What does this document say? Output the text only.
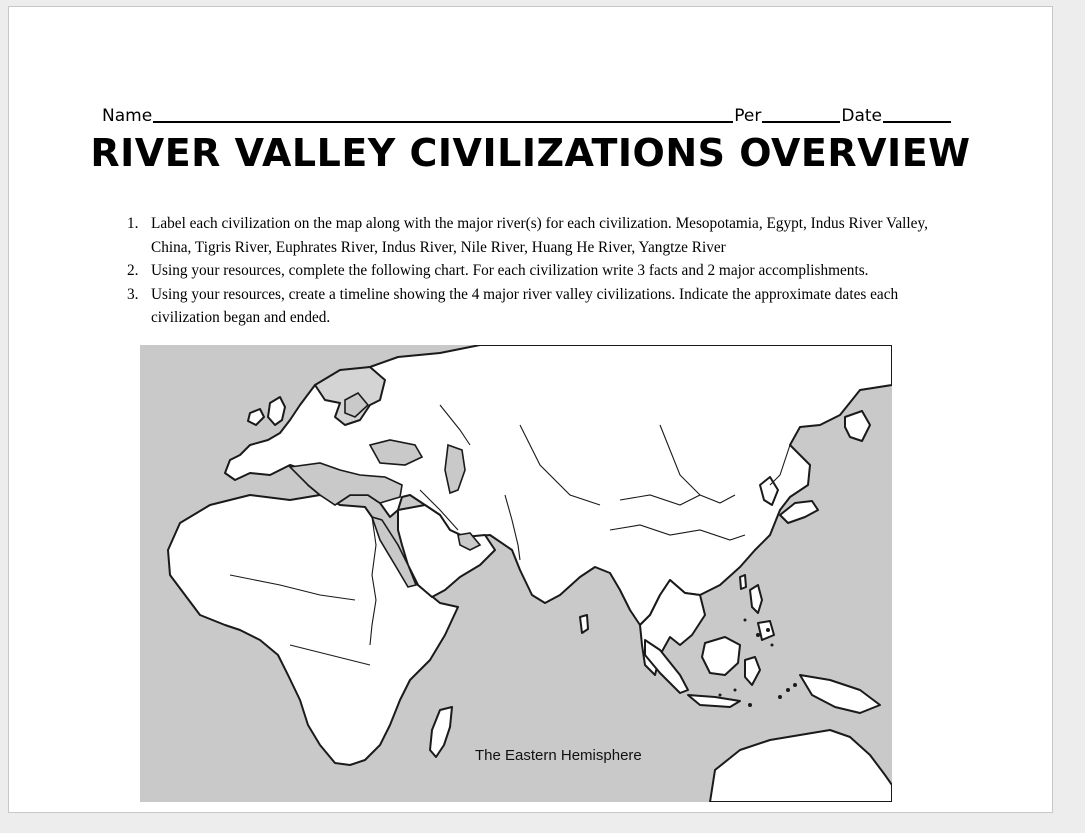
Name	Per	Date
RIVER VALLEY CIVILIZATIONS OVERVIEW
1. Label each civilization on the map along with the major river(s) for each civilization. Mesopotamia, Egypt, Indus River Valley, China, Tigris River, Euphrates River, Indus River, Nile River, Huang He River, Yangtze River
2. Using your resources, complete the following chart. For each civilization write 3 facts and 2 major accomplishments.
3. Using your resources, create a timeline showing the 4 major river valley civilizations. Indicate the approximate dates each civilization began and ended.
The Eastern Hemisphere
